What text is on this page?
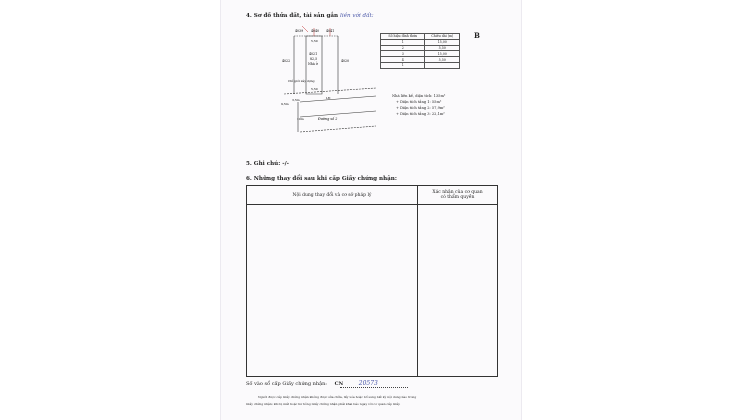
4. Sơ đồ thửa đất, tài sản gắn liền với đất:
B
4039 4040 4041
5,50
4021
82,5
Nhà ở
4022	4020
Chỉ giới xây dựng
5,50
3,5m
9,5m
LĐ
10m	Đường số 2
Số hiệu đỉnh thửa	Chiều dài (m)
1	15,00
2	5,50
3	15,00
4	5,50
1	
Nhà liên kế, diện tích: 135m²
+ Diện tích tầng 1: 55m²
+ Diện tích tầng 2: 57,9m²
+ Diện tích tầng 3: 22,1m²
5. Ghi chú: -/-
6. Những thay đổi sau khi cấp Giấy chứng nhận:
Nội dung thay đổi và cơ sở pháp lý	Xác nhận của cơ quan
có thẩm quyền

Số vào sổ cấp Giấy chứng nhận: CN	20573
Người được cấp Giấy chứng nhận không được sửa chữa, tẩy xóa hoặc bổ sung bất kỳ nội dung nào trong
Giấy chứng nhận; khi bị mất hoặc hư hỏng Giấy chứng nhận phải khai báo ngay với cơ quan cấp Giấy.
